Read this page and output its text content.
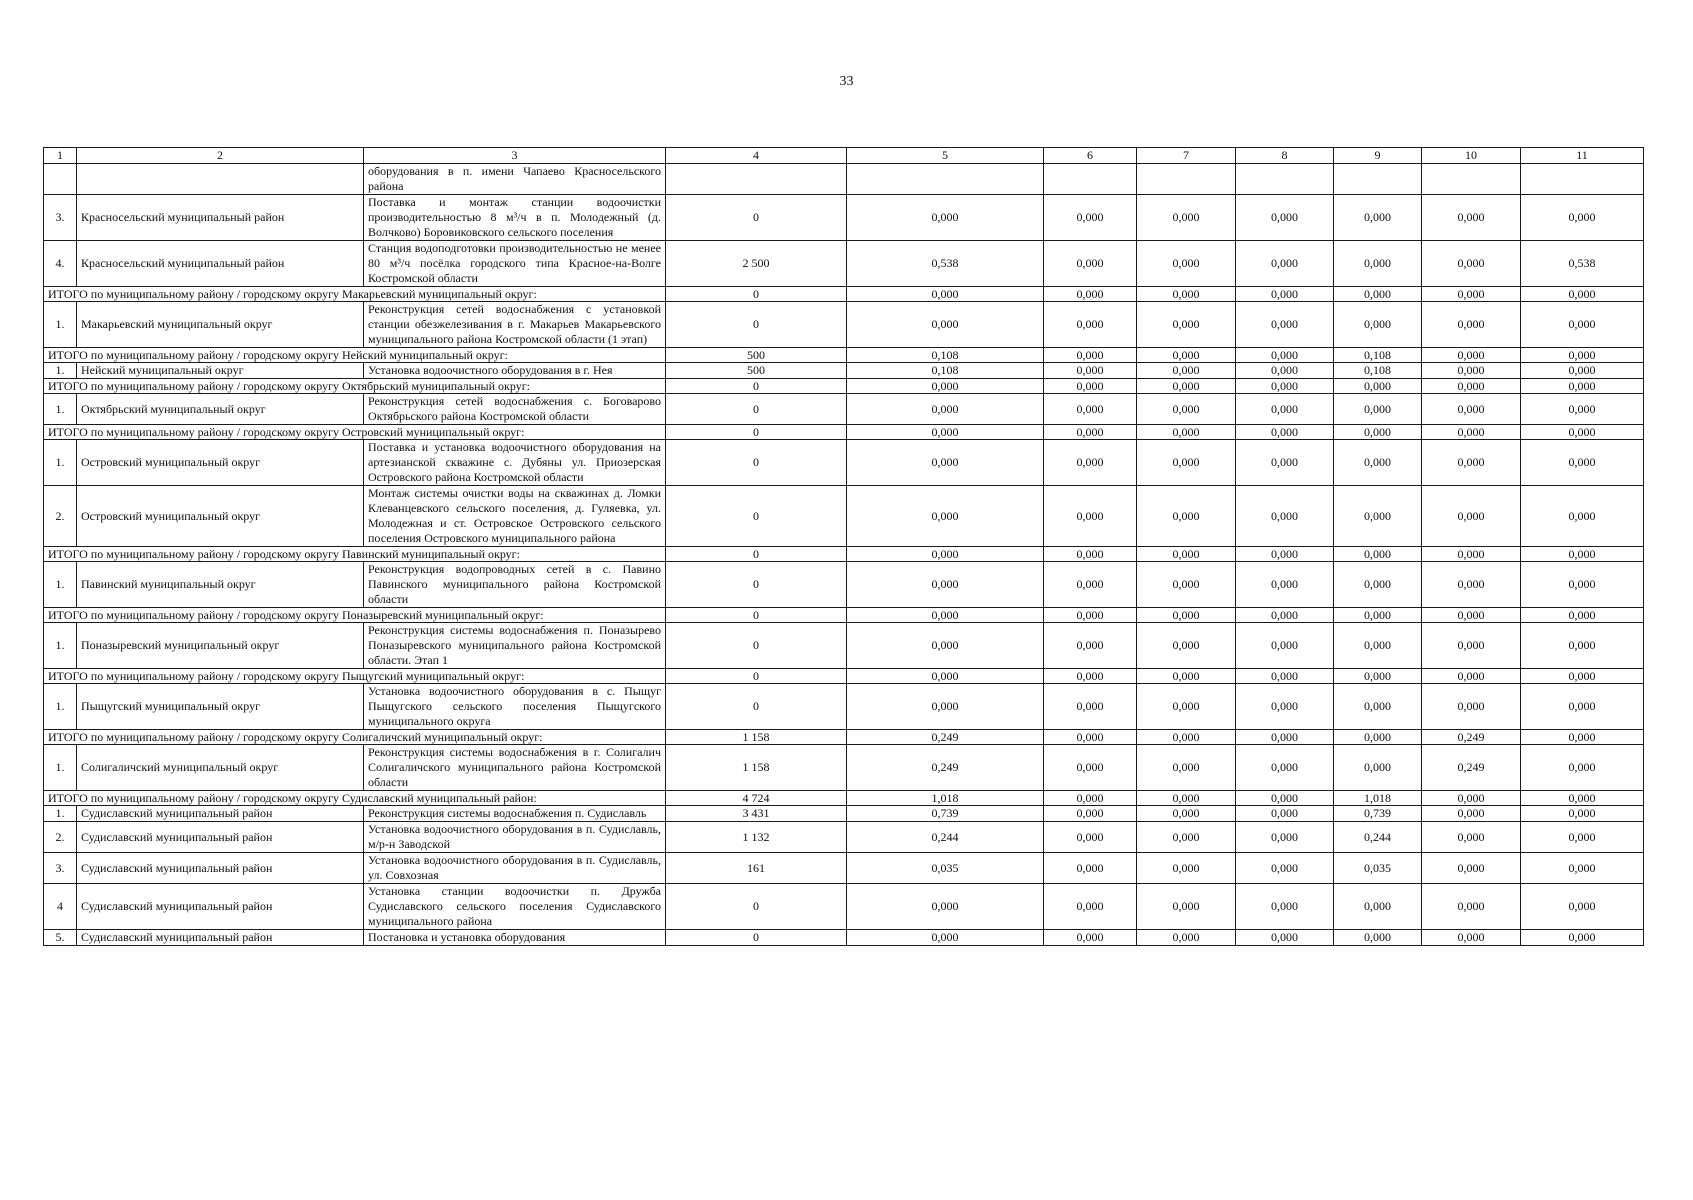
33
1	2	3	4	5	6	7	8	9	10	11
		оборудования в п. имени Чапаево Красносельского района								
3.	Красносельский муниципальный район	Поставка и монтаж станции водоочистки производительностью 8 м³/ч в п. Молодежный (д. Волчково) Боровиковского сельского поселения	0	0,000	0,000	0,000	0,000	0,000	0,000	0,000
4.	Красносельский муниципальный район	Станция водоподготовки производительностью не менее 80 м³/ч посёлка городского типа Красное-на-Волге Костромской области	2 500	0,538	0,000	0,000	0,000	0,000	0,000	0,538
ИТОГО по муниципальному району / городскому округу Макарьевский муниципальный округ:			0	0,000	0,000	0,000	0,000	0,000	0,000	0,000
1.	Макарьевский муниципальный округ	Реконструкция сетей водоснабжения с установкой станции обезжелезивания в г. Макарьев Макарьевского муниципального района Костромской области (1 этап)	0	0,000	0,000	0,000	0,000	0,000	0,000	0,000
ИТОГО по муниципальному району / городскому округу Нейский муниципальный округ:			500	0,108	0,000	0,000	0,000	0,108	0,000	0,000
1.	Нейский муниципальный округ	Установка водоочистного оборудования в г. Нея	500	0,108	0,000	0,000	0,000	0,108	0,000	0,000
ИТОГО по муниципальному району / городскому округу Октябрьский муниципальный округ:			0	0,000	0,000	0,000	0,000	0,000	0,000	0,000
1.	Октябрьский муниципальный округ	Реконструкция сетей водоснабжения с. Боговарово Октябрьского района Костромской области	0	0,000	0,000	0,000	0,000	0,000	0,000	0,000
ИТОГО по муниципальному району / городскому округу Островский муниципальный округ:			0	0,000	0,000	0,000	0,000	0,000	0,000	0,000
1.	Островский муниципальный округ	Поставка и установка водоочистного оборудования на артезианской скважине с. Дубяны ул. Приозерская Островского района Костромской области	0	0,000	0,000	0,000	0,000	0,000	0,000	0,000
2.	Островский муниципальный округ	Монтаж системы очистки воды на скважинах д. Ломки Клеванцевского сельского поселения, д. Гуляевка, ул. Молодежная и ст. Островское Островского сельского поселения Островского муниципального района	0	0,000	0,000	0,000	0,000	0,000	0,000	0,000
ИТОГО по муниципальному району / городскому округу Павинский муниципальный округ:			0	0,000	0,000	0,000	0,000	0,000	0,000	0,000
1.	Павинский муниципальный округ	Реконструкция водопроводных сетей в с. Павино Павинского муниципального района Костромской области	0	0,000	0,000	0,000	0,000	0,000	0,000	0,000
ИТОГО по муниципальному району / городскому округу Поназыревский муниципальный округ:			0	0,000	0,000	0,000	0,000	0,000	0,000	0,000
1.	Поназыревский муниципальный округ	Реконструкция системы водоснабжения п. Поназырево Поназыревского муниципального района Костромской области. Этап 1	0	0,000	0,000	0,000	0,000	0,000	0,000	0,000
ИТОГО по муниципальному району / городскому округу Пыщугский муниципальный округ:			0	0,000	0,000	0,000	0,000	0,000	0,000	0,000
1.	Пыщугский муниципальный округ	Установка водоочистного оборудования в с. Пыщуг Пыщугского сельского поселения Пыщугского муниципального округа	0	0,000	0,000	0,000	0,000	0,000	0,000	0,000
ИТОГО по муниципальному району / городскому округу Солигаличский муниципальный округ:			1 158	0,249	0,000	0,000	0,000	0,000	0,249	0,000
1.	Солигаличский муниципальный округ	Реконструкция системы водоснабжения в г. Солигалич Солигаличского муниципального района Костромской области	1 158	0,249	0,000	0,000	0,000	0,000	0,249	0,000
ИТОГО по муниципальному району / городскому округу Судиславский муниципальный район:			4 724	1,018	0,000	0,000	0,000	1,018	0,000	0,000
1.	Судиславский муниципальный район	Реконструкция системы водоснабжения п. Судиславль	3 431	0,739	0,000	0,000	0,000	0,739	0,000	0,000
2.	Судиславский муниципальный район	Установка водоочистного оборудования в п. Судиславль, м/р-н Заводской	1 132	0,244	0,000	0,000	0,000	0,244	0,000	0,000
3.	Судиславский муниципальный район	Установка водоочистного оборудования в п. Судиславль, ул. Совхозная	161	0,035	0,000	0,000	0,000	0,035	0,000	0,000
4	Судиславский муниципальный район	Установка станции водоочистки п. Дружба Судиславского сельского поселения Судиславского муниципального района	0	0,000	0,000	0,000	0,000	0,000	0,000	0,000
5.	Судиславский муниципальный район	Постановка и установка оборудования	0	0,000	0,000	0,000	0,000	0,000	0,000	0,000
